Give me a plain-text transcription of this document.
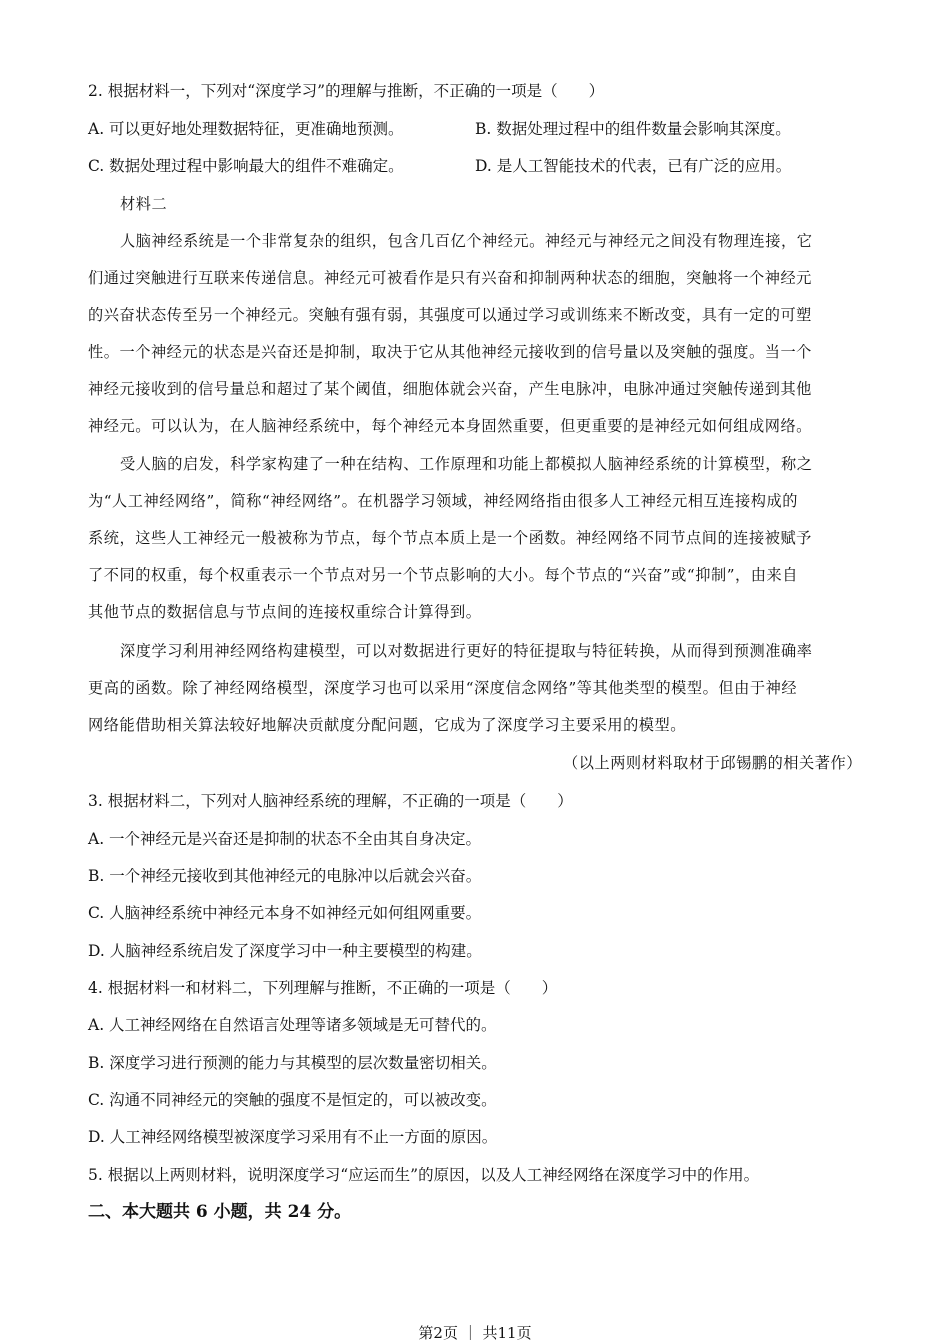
2. 根据材料一，下列对“深度学习”的理解与推断，不正确的一项是（　　）
A. 可以更好地处理数据特征，更准确地预测。	B. 数据处理过程中的组件数量会影响其深度。
C. 数据处理过程中影响最大的组件不难确定。	D. 是人工智能技术的代表，已有广泛的应用。
材料二
人脑神经系统是一个非常复杂的组织，包含几百亿个神经元。神经元与神经元之间没有物理连接，它
们通过突触进行互联来传递信息。神经元可被看作是只有兴奋和抑制两种状态的细胞，突触将一个神经元
的兴奋状态传至另一个神经元。突触有强有弱，其强度可以通过学习或训练来不断改变，具有一定的可塑
性。一个神经元的状态是兴奋还是抑制，取决于它从其他神经元接收到的信号量以及突触的强度。当一个
神经元接收到的信号量总和超过了某个阈值，细胞体就会兴奋，产生电脉冲，电脉冲通过突触传递到其他
神经元。可以认为，在人脑神经系统中，每个神经元本身固然重要，但更重要的是神经元如何组成网络。
受人脑的启发，科学家构建了一种在结构、工作原理和功能上都模拟人脑神经系统的计算模型，称之
为“人工神经网络”，简称“神经网络”。在机器学习领域，神经网络指由很多人工神经元相互连接构成的
系统，这些人工神经元一般被称为节点，每个节点本质上是一个函数。神经网络不同节点间的连接被赋予
了不同的权重，每个权重表示一个节点对另一个节点影响的大小。每个节点的“兴奋”或“抑制”，由来自
其他节点的数据信息与节点间的连接权重综合计算得到。
深度学习利用神经网络构建模型，可以对数据进行更好的特征提取与特征转换，从而得到预测准确率
更高的函数。除了神经网络模型，深度学习也可以采用“深度信念网络”等其他类型的模型。但由于神经
网络能借助相关算法较好地解决贡献度分配问题，它成为了深度学习主要采用的模型。
（以上两则材料取材于邱锡鹏的相关著作）
3. 根据材料二，下列对人脑神经系统的理解，不正确的一项是（　　）
A. 一个神经元是兴奋还是抑制的状态不全由其自身决定。
B. 一个神经元接收到其他神经元的电脉冲以后就会兴奋。
C. 人脑神经系统中神经元本身不如神经元如何组网重要。
D. 人脑神经系统启发了深度学习中一种主要模型的构建。
4. 根据材料一和材料二，下列理解与推断，不正确的一项是（　　）
A. 人工神经网络在自然语言处理等诸多领域是无可替代的。
B. 深度学习进行预测的能力与其模型的层次数量密切相关。
C. 沟通不同神经元的突触的强度不是恒定的，可以被改变。
D. 人工神经网络模型被深度学习采用有不止一方面的原因。
5. 根据以上两则材料，说明深度学习“应运而生”的原因，以及人工神经网络在深度学习中的作用。
二、本大题共 6 小题，共 24 分。
第2页 ｜ 共11页
